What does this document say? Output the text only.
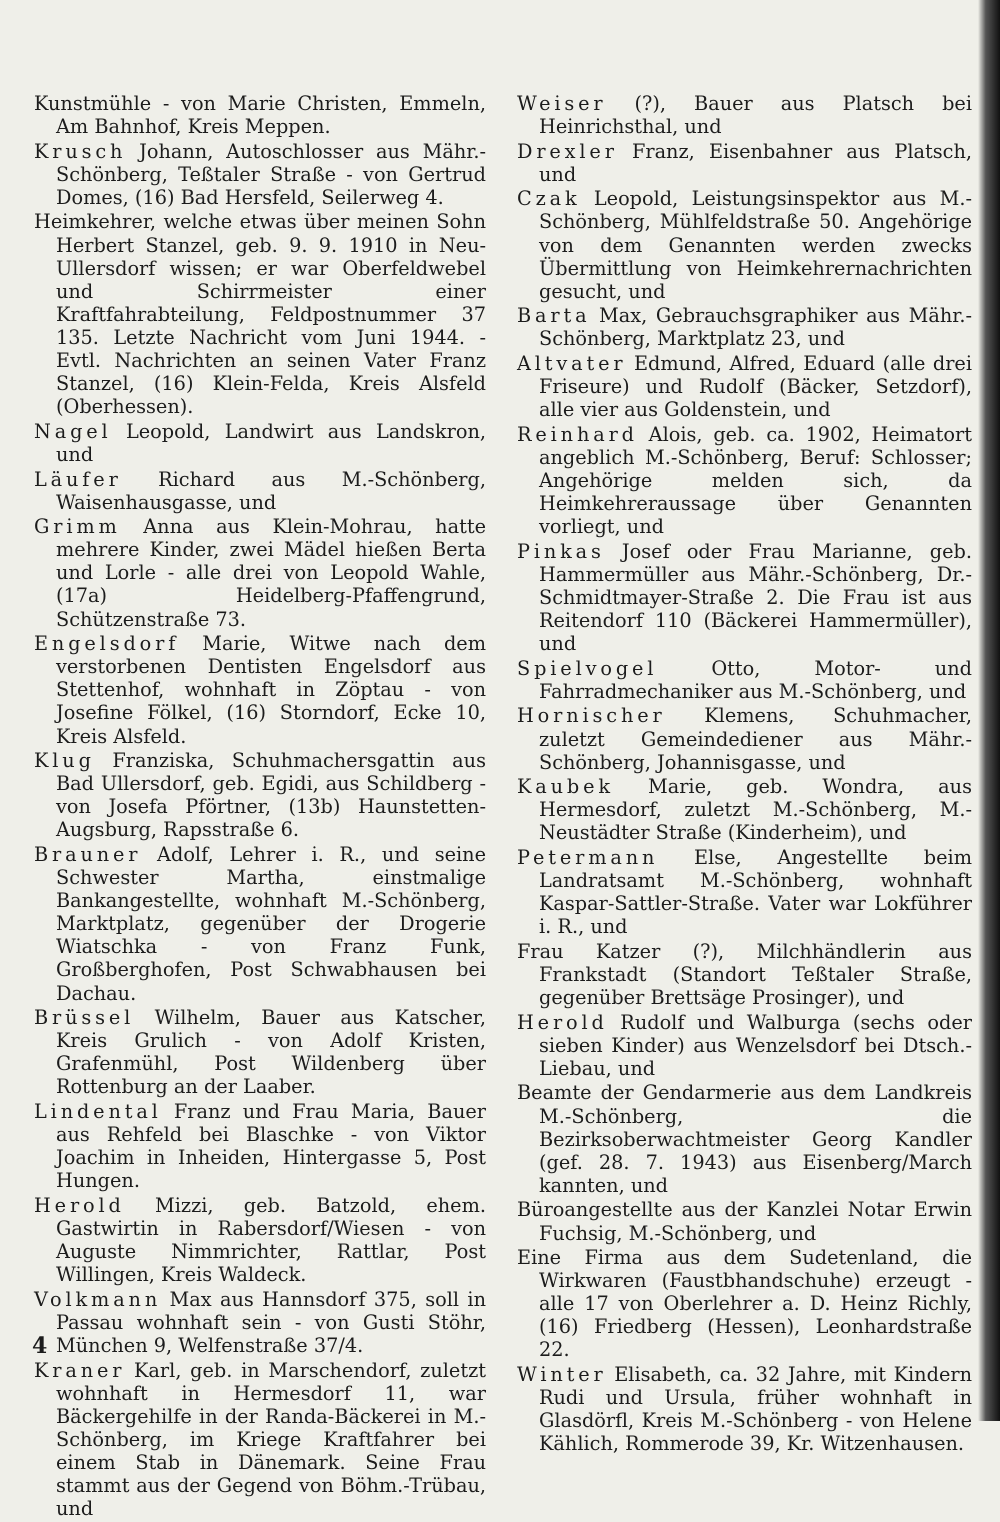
Kunstmühle - von Marie Christen, Emmeln, Am Bahnhof, Kreis Meppen.

Krusch Johann, Autoschlosser aus Mähr.-Schönberg, Teßtaler Straße - von Gertrud Domes, (16) Bad Hersfeld, Seilerweg 4.

Heimkehrer, welche etwas über meinen Sohn Herbert Stanzel, geb. 9. 9. 1910 in Neu-Ullersdorf wissen; er war Oberfeldwebel und Schirrmeister einer Kraftfahrabteilung, Feldpostnummer 37 135. Letzte Nachricht vom Juni 1944. - Evtl. Nachrichten an seinen Vater Franz Stanzel, (16) Klein-Felda, Kreis Alsfeld (Oberhessen).

Nagel Leopold, Landwirt aus Landskron, und

Läufer Richard aus M.-Schönberg, Waisenhausgasse, und

Grimm Anna aus Klein-Mohrau, hatte mehrere Kinder, zwei Mädel hießen Berta und Lorle - alle drei von Leopold Wahle, (17a) Heidelberg-Pfaffengrund, Schützenstraße 73.

Engelsdorf Marie, Witwe nach dem verstorbenen Dentisten Engelsdorf aus Stettenhof, wohnhaft in Zöptau - von Josefine Fölkel, (16) Storndorf, Ecke 10, Kreis Alsfeld.

Klug Franziska, Schuhmachersgattin aus Bad Ullersdorf, geb. Egidi, aus Schildberg - von Josefa Pförtner, (13b) Haunstetten-Augsburg, Rapsstraße 6.

Brauner Adolf, Lehrer i. R., und seine Schwester Martha, einstmalige Bankangestellte, wohnhaft M.-Schönberg, Marktplatz, gegenüber der Drogerie Wiatschka - von Franz Funk, Großberghofen, Post Schwabhausen bei Dachau.

Brüssel Wilhelm, Bauer aus Katscher, Kreis Grulich - von Adolf Kristen, Grafenmühl, Post Wildenberg über Rottenburg an der Laaber.

Lindental Franz und Frau Maria, Bauer aus Rehfeld bei Blaschke - von Viktor Joachim in Inheiden, Hintergasse 5, Post Hungen.

Herold Mizzi, geb. Batzold, ehem. Gastwirtin in Rabersdorf/Wiesen - von Auguste Nimmrichter, Rattlar, Post Willingen, Kreis Waldeck.

Volkmann Max aus Hannsdorf 375, soll in Passau wohnhaft sein - von Gusti Stöhr, München 9, Welfenstraße 37/4.

Kraner Karl, geb. in Marschendorf, zuletzt wohnhaft in Hermesdorf 11, war Bäckergehilfe in der Randa-Bäckerei in M.-Schönberg, im Kriege Kraftfahrer bei einem Stab in Dänemark. Seine Frau stammt aus der Gegend von Böhm.-Trübau, und

Weiser (?), Bauer aus Platsch bei Heinrichsthal, und

Drexler Franz, Eisenbahner aus Platsch, und

Czak Leopold, Leistungsinspektor aus M.-Schönberg, Mühlfeldstraße 50. Angehörige von dem Genannten werden zwecks Übermittlung von Heimkehrernachrichten gesucht, und

Barta Max, Gebrauchsgraphiker aus Mähr.-Schönberg, Marktplatz 23, und

Altvater Edmund, Alfred, Eduard (alle drei Friseure) und Rudolf (Bäcker, Setzdorf), alle vier aus Goldenstein, und

Reinhard Alois, geb. ca. 1902, Heimatort angeblich M.-Schönberg, Beruf: Schlosser; Angehörige melden sich, da Heimkehreraussage über Genannten vorliegt, und

Pinkas Josef oder Frau Marianne, geb. Hammermüller aus Mähr.-Schönberg, Dr.-Schmidtmayer-Straße 2. Die Frau ist aus Reitendorf 110 (Bäckerei Hammermüller), und

Spielvogel	Otto, Motor- und Fahrradmechaniker aus M.-Schönberg, und

Hornischer Klemens, Schuhmacher, zuletzt Gemeindediener aus Mähr.-Schönberg, Johannisgasse, und

Kaubek Marie, geb. Wondra, aus Hermesdorf, zuletzt M.-Schönberg, M.-Neustädter Straße (Kinderheim), und

Petermann Else, Angestellte beim Landratsamt M.-Schönberg, wohnhaft Kaspar-Sattler-Straße. Vater war Lokführer i. R., und

Frau Katzer (?), Milchhändlerin aus Frankstadt (Standort Teßtaler Straße, gegenüber Brettsäge Prosinger), und

Herold Rudolf und Walburga (sechs oder sieben Kinder) aus Wenzelsdorf bei Dtsch.-Liebau, und

Beamte der Gendarmerie aus dem Landkreis M.-Schönberg, die Bezirksoberwachtmeister Georg Kandler (gef. 28. 7. 1943) aus Eisenberg/March kannten, und

Büroangestellte aus der Kanzlei Notar Erwin Fuchsig, M.-Schönberg, und

Eine Firma aus dem Sudetenland, die Wirkwaren (Faustbhandschuhe) erzeugt - alle 17 von Oberlehrer a. D. Heinz Richly, (16) Friedberg (Hessen), Leonhardstraße 22.

Winter Elisabeth, ca. 32 Jahre, mit Kindern Rudi und Ursula, früher wohnhaft in Glasdörfl, Kreis M.-Schönberg - von Helene Kählich, Rommerode 39, Kr. Witzenhausen.

4
